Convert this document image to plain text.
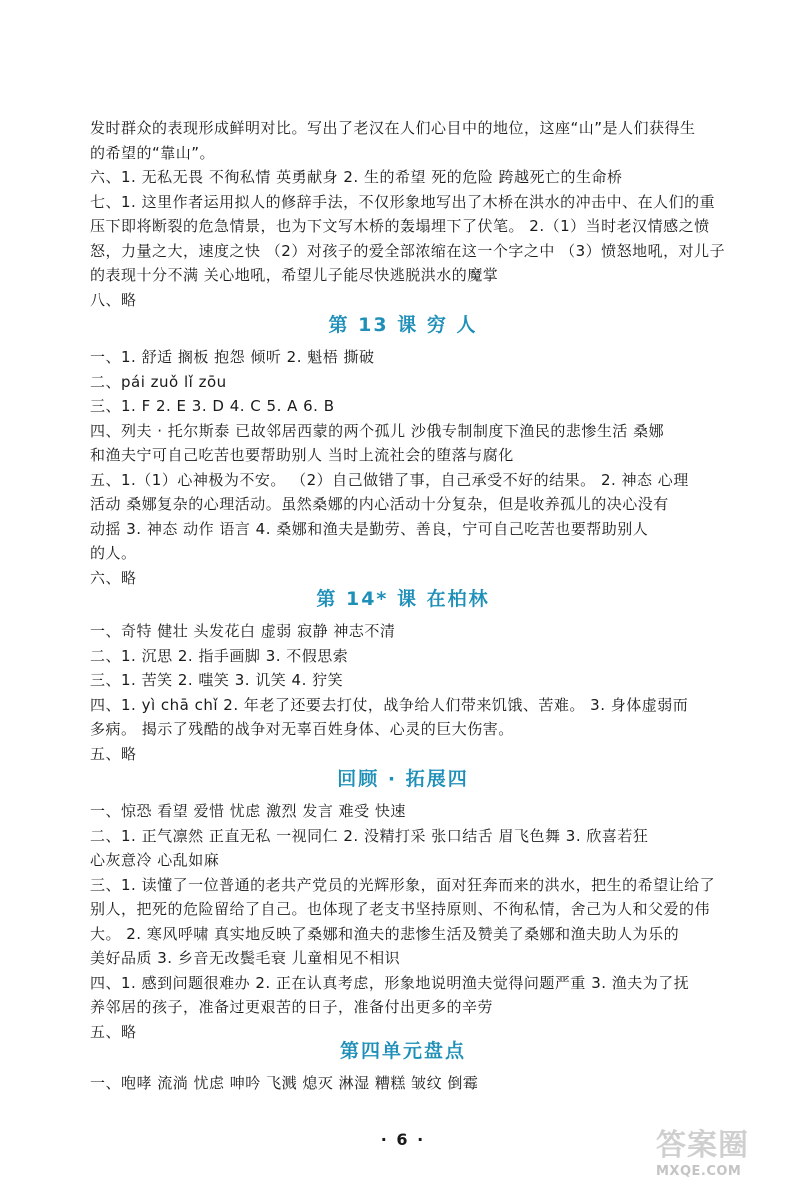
发时群众的表现形成鲜明对比。写出了老汉在人们心目中的地位，这座“山”是人们获得生
的希望的“靠山”。
六、1. 无私无畏 不徇私情 英勇献身 2. 生的希望 死的危险 跨越死亡的生命桥
七、1. 这里作者运用拟人的修辞手法，不仅形象地写出了木桥在洪水的冲击中、在人们的重
压下即将断裂的危急情景，也为下文写木桥的轰塌埋下了伏笔。 2.（1）当时老汉情感之愤
怒，力量之大，速度之快 （2）对孩子的爱全部浓缩在这一个字之中 （3）愤怒地吼，对儿子
的表现十分不满 关心地吼，希望儿子能尽快逃脱洪水的魔掌
八、略
第 13 课 穷 人
一、1. 舒适 搁板 抱怨 倾听 2. 魁梧 撕破
二、pái zuǒ lǐ zōu
三、1. F 2. E 3. D 4. C 5. A 6. B
四、列夫 · 托尔斯泰 已故邻居西蒙的两个孤儿 沙俄专制制度下渔民的悲惨生活 桑娜
和渔夫宁可自己吃苦也要帮助别人 当时上流社会的堕落与腐化
五、1.（1）心神极为不安。 （2）自己做错了事，自己承受不好的结果。 2. 神态 心理
活动 桑娜复杂的心理活动。虽然桑娜的内心活动十分复杂，但是收养孤儿的决心没有
动摇 3. 神态 动作 语言 4. 桑娜和渔夫是勤劳、善良，宁可自己吃苦也要帮助别人
的人。
六、略
第 14* 课 在柏林
一、奇特 健壮 头发花白 虚弱 寂静 神志不清
二、1. 沉思 2. 指手画脚 3. 不假思索
三、1. 苦笑 2. 嗤笑 3. 讥笑 4. 狞笑
四、1. yì chā chǐ 2. 年老了还要去打仗，战争给人们带来饥饿、苦难。 3. 身体虚弱而
多病。 揭示了残酷的战争对无辜百姓身体、心灵的巨大伤害。
五、略
回顾 · 拓展四
一、惊恐 看望 爱惜 忧虑 激烈 发言 难受 快速
二、1. 正气凛然 正直无私 一视同仁 2. 没精打采 张口结舌 眉飞色舞 3. 欣喜若狂
心灰意冷 心乱如麻
三、1. 读懂了一位普通的老共产党员的光辉形象，面对狂奔而来的洪水，把生的希望让给了
别人，把死的危险留给了自己。也体现了老支书坚持原则、不徇私情，舍己为人和父爱的伟
大。 2. 寒风呼啸 真实地反映了桑娜和渔夫的悲惨生活及赞美了桑娜和渔夫助人为乐的
美好品质 3. 乡音无改鬓毛衰 儿童相见不相识
四、1. 感到问题很难办 2. 正在认真考虑，形象地说明渔夫觉得问题严重 3. 渔夫为了抚
养邻居的孩子，准备过更艰苦的日子，准备付出更多的辛劳
五、略
第四单元盘点
一、咆哮 流淌 忧虑 呻吟 飞溅 熄灭 淋湿 糟糕 皱纹 倒霉
· 6 ·	答案圈
MXQE.COM
